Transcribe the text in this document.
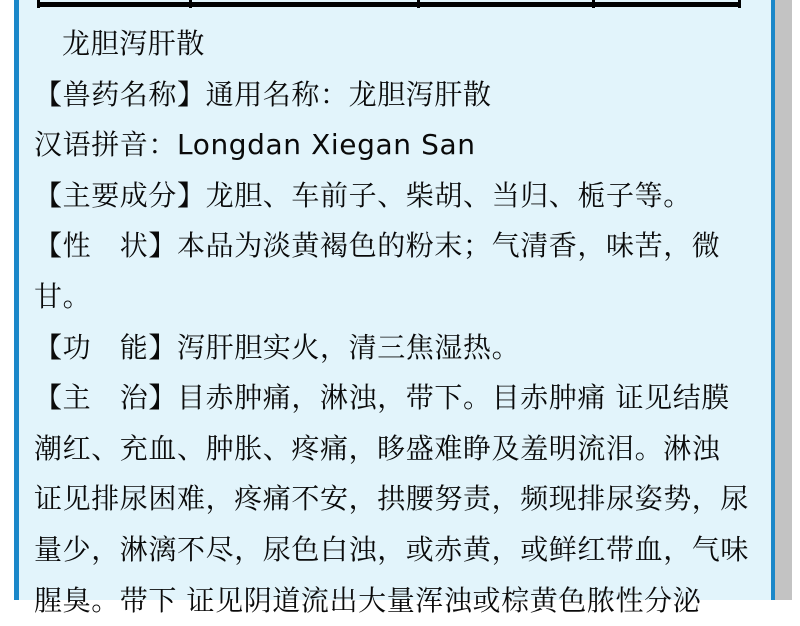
龙胆泻肝散
【兽药名称】通用名称：龙胆泻肝散
汉语拼音：Longdan Xiegan San
【主要成分】龙胆、车前子、柴胡、当归、栀子等。
【性　状】本品为淡黄褐色的粉末；气清香，味苦，微
甘。
【功　能】泻肝胆实火，清三焦湿热。
【主　治】目赤肿痛，淋浊，带下。目赤肿痛 证见结膜
潮红、充血、肿胀、疼痛，眵盛难睁及羞明流泪。淋浊
证见排尿困难，疼痛不安，拱腰努责，频现排尿姿势，尿
量少，淋漓不尽，尿色白浊，或赤黄，或鲜红带血，气味
腥臭。带下 证见阴道流出大量浑浊或棕黄色脓性分泌
